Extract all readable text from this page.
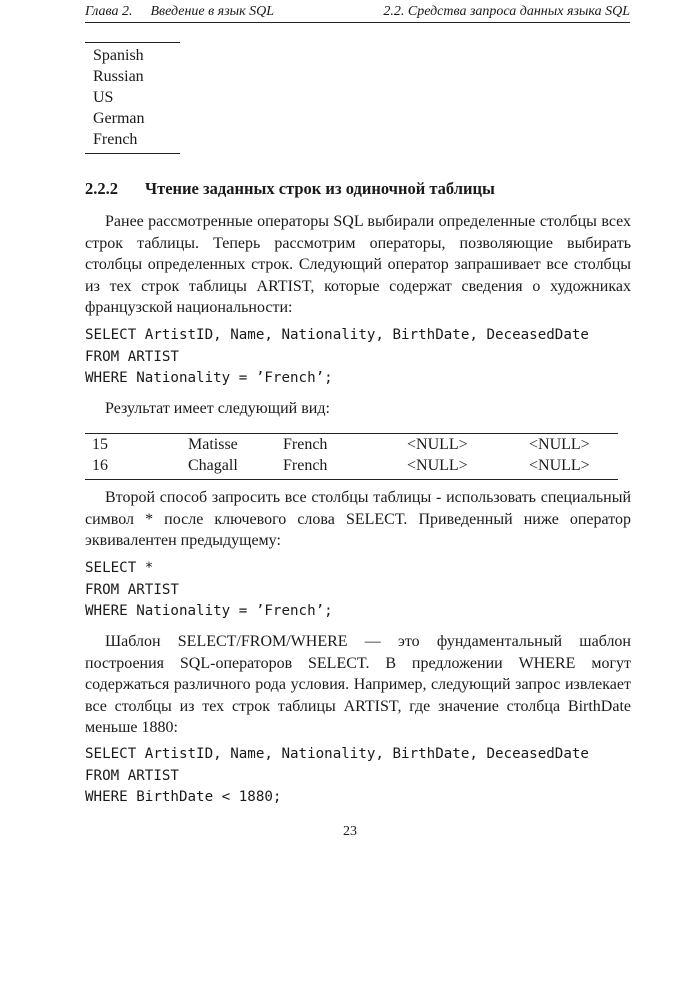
Глава 2. Введение в язык SQL	2.2. Средства запроса данных языка SQL
Spanish
Russian
US
German
French
2.2.2 Чтение заданных строк из одиночной таблицы
Ранее рассмотренные операторы SQL выбирали определенные столбцы всех строк таблицы. Теперь рассмотрим операторы, позволяющие выбирать столбцы определенных строк. Следующий оператор запрашивает все столбцы из тех строк таблицы ARTIST, которые содержат сведения о художниках французской национальности:
SELECT ArtistID, Name, Nationality, BirthDate, DeceasedDate
FROM ARTIST
WHERE Nationality = ’French’;
Результат имеет следующий вид:
15	Matisse	French	<NULL>	<NULL>
16	Chagall	French	<NULL>	<NULL>
Второй способ запросить все столбцы таблицы - использовать специальный символ * после ключевого слова SELECT. Приведенный ниже оператор эквивалентен предыдущему:
SELECT *
FROM ARTIST
WHERE Nationality = ’French’;
Шаблон SELECT/FROM/WHERE — это фундаментальный шаблон построения SQL-операторов SELECT. В предложении WHERE могут содержаться различного рода условия. Например, следующий запрос извлекает все столбцы из тех строк таблицы ARTIST, где значение столбца BirthDate меньше 1880:
SELECT ArtistID, Name, Nationality, BirthDate, DeceasedDate
FROM ARTIST
WHERE BirthDate < 1880;
23
